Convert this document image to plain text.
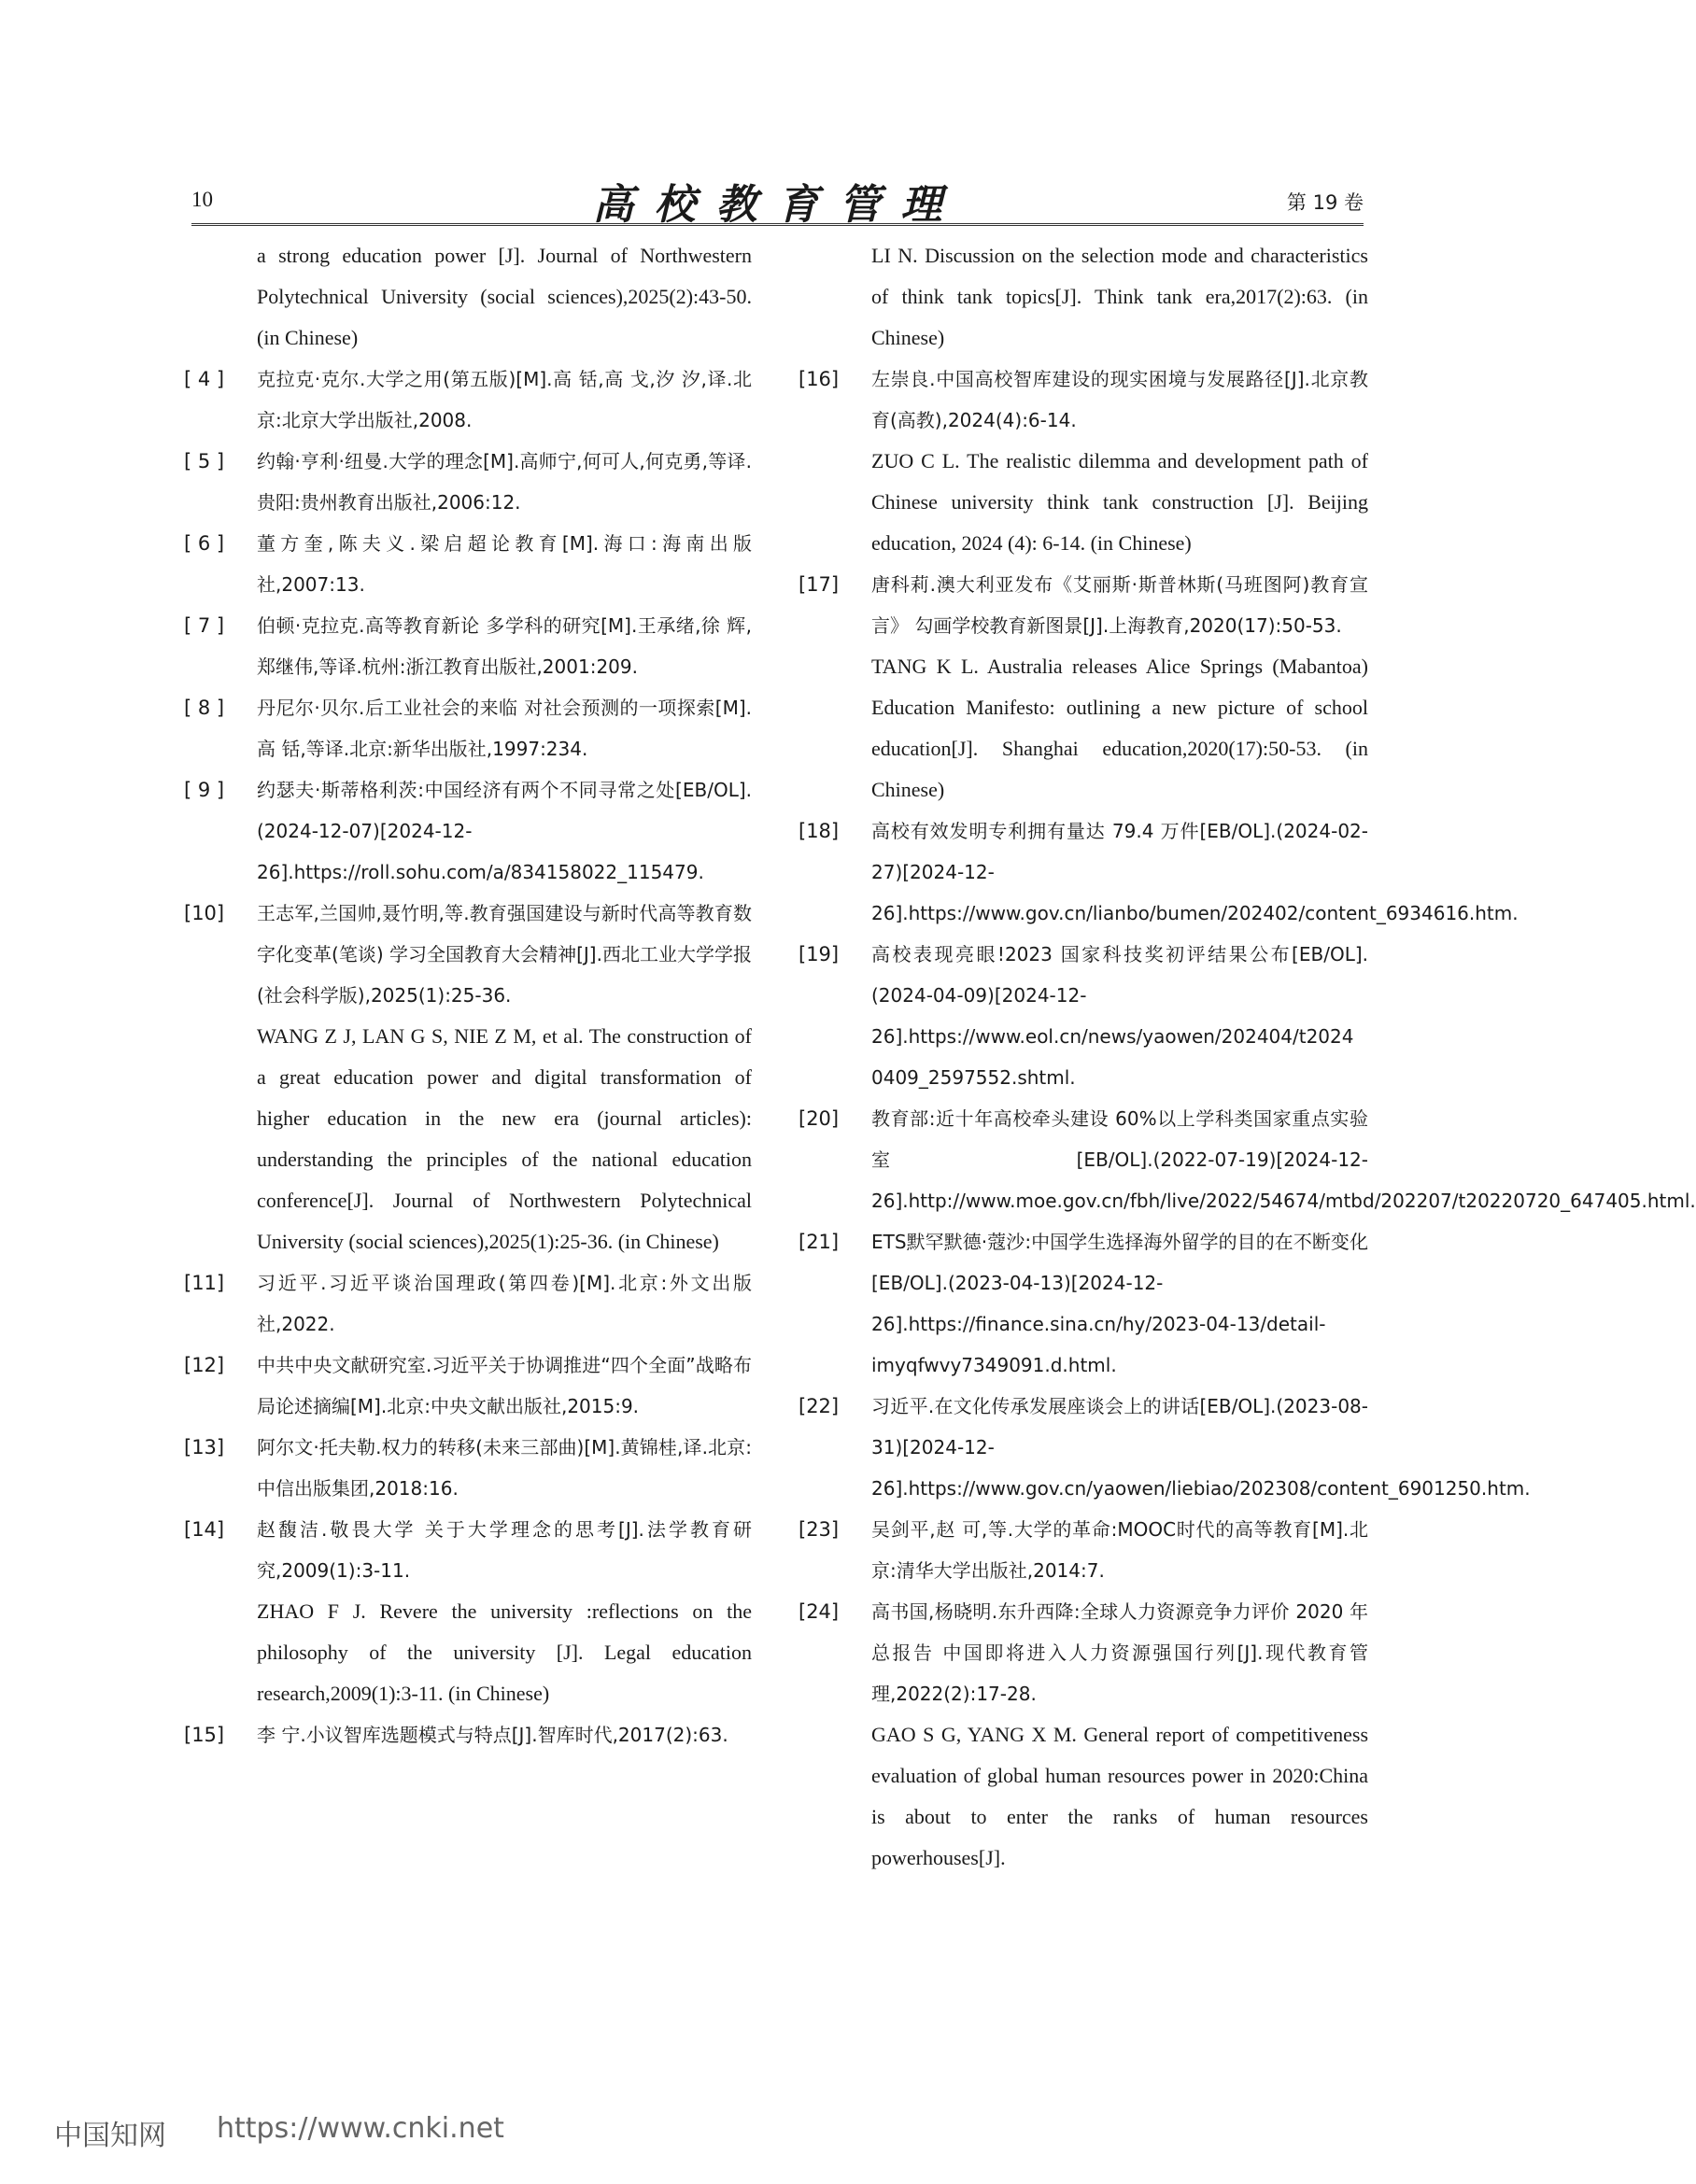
10	高校教育管理	第 19 卷
a strong education power [J]. Journal of Northwestern Polytechnical University (social sciences),2025(2):43-50. (in Chinese)
[ 4 ]	克拉克·克尔.大学之用(第五版)[M].高 铦,高 戈,汐 汐,译.北京:北京大学出版社,2008.
[ 5 ]	约翰·亨利·纽曼.大学的理念[M].高师宁,何可人,何克勇,等译.贵阳:贵州教育出版社,2006:12.
[ 6 ]	董方奎,陈夫义.梁启超论教育[M].海口:海南出版社,2007:13.
[ 7 ]	伯顿·克拉克.高等教育新论 多学科的研究[M].王承绪,徐 辉,郑继伟,等译.杭州:浙江教育出版社,2001:209.
[ 8 ]	丹尼尔·贝尔.后工业社会的来临 对社会预测的一项探索[M].高 铦,等译.北京:新华出版社,1997:234.
[ 9 ]	约瑟夫·斯蒂格利茨:中国经济有两个不同寻常之处[EB/OL].(2024-12-07)[2024-12-26].https://roll.sohu.com/a/834158022_115479.
[10]	王志军,兰国帅,聂竹明,等.教育强国建设与新时代高等教育数字化变革(笔谈) 学习全国教育大会精神[J].西北工业大学学报(社会科学版),2025(1):25-36.
WANG Z J, LAN G S, NIE Z M, et al. The construction of a great education power and digital transformation of higher education in the new era (journal articles): understanding the principles of the national education conference[J]. Journal of Northwestern Polytechnical University (social sciences),2025(1):25-36. (in Chinese)
[11]	习近平.习近平谈治国理政(第四卷)[M].北京:外文出版社,2022.
[12]	中共中央文献研究室.习近平关于协调推进“四个全面”战略布局论述摘编[M].北京:中央文献出版社,2015:9.
[13]	阿尔文·托夫勒.权力的转移(未来三部曲)[M].黄锦桂,译.北京:中信出版集团,2018:16.
[14]	赵馥洁.敬畏大学 关于大学理念的思考[J].法学教育研究,2009(1):3-11.
ZHAO F J. Revere the university :reflections on the philosophy of the university [J]. Legal education research,2009(1):3-11. (in Chinese)
[15]	李 宁.小议智库选题模式与特点[J].智库时代,2017(2):63.
LI N. Discussion on the selection mode and characteristics of think tank topics[J]. Think tank era,2017(2):63. (in Chinese)
[16]	左崇良.中国高校智库建设的现实困境与发展路径[J].北京教育(高教),2024(4):6-14.
ZUO C L. The realistic dilemma and development path of Chinese university think tank construction [J]. Beijing education, 2024 (4): 6-14. (in Chinese)
[17]	唐科莉.澳大利亚发布《艾丽斯·斯普林斯(马班图阿)教育宣言》 勾画学校教育新图景[J].上海教育,2020(17):50-53.
TANG K L. Australia releases Alice Springs (Mabantoa) Education Manifesto: outlining a new picture of school education[J]. Shanghai education,2020(17):50-53. (in Chinese)
[18]	高校有效发明专利拥有量达 79.4 万件[EB/OL].(2024-02-27)[2024-12-26].https://www.gov.cn/lianbo/bumen/202402/content_6934616.htm.
[19]	高校表现亮眼!2023 国家科技奖初评结果公布[EB/OL].(2024-04-09)[2024-12-26].https://www.eol.cn/news/yaowen/202404/t2024 0409_2597552.shtml.
[20]	教育部:近十年高校牵头建设 60%以上学科类国家重点实验室[EB/OL].(2022-07-19)[2024-12-26].http://www.moe.gov.cn/fbh/live/2022/54674/mtbd/202207/t20220720_647405.html.
[21]	ETS默罕默德·蔻沙:中国学生选择海外留学的目的在不断变化[EB/OL].(2023-04-13)[2024-12-26].https://finance.sina.cn/hy/2023-04-13/detail-imyqfwvy7349091.d.html.
[22]	习近平.在文化传承发展座谈会上的讲话[EB/OL].(2023-08-31)[2024-12-26].https://www.gov.cn/yaowen/liebiao/202308/content_6901250.htm.
[23]	吴剑平,赵 可,等.大学的革命:MOOC时代的高等教育[M].北京:清华大学出版社,2014:7.
[24]	高书国,杨晓明.东升西降:全球人力资源竞争力评价 2020 年总报告 中国即将进入人力资源强国行列[J].现代教育管理,2022(2):17-28.
GAO S G, YANG X M. General report of competitiveness evaluation of global human resources power in 2020:China is about to enter the ranks of human resources powerhouses[J].
中国知网 https://www.cnki.net
